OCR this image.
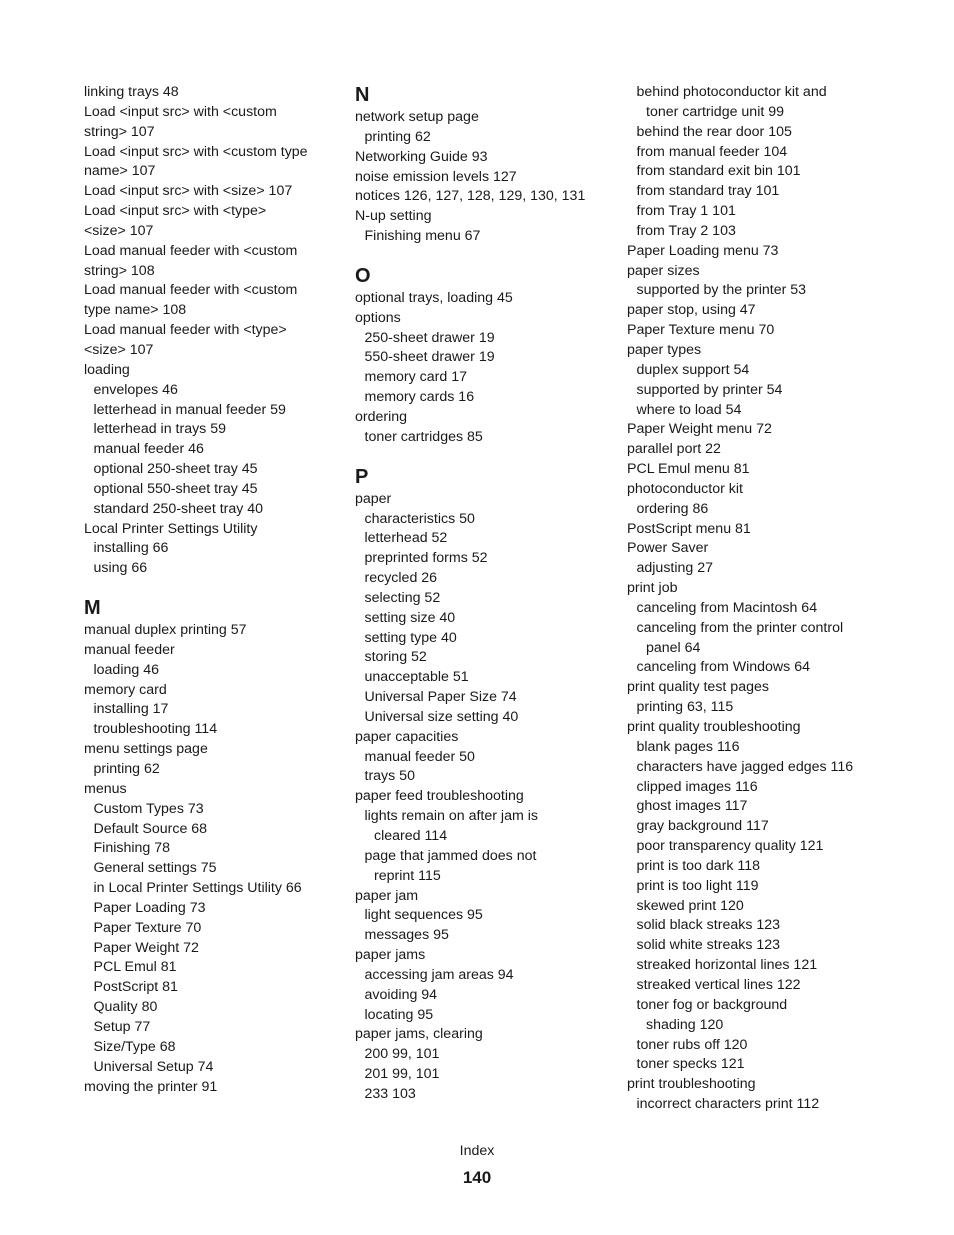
linking trays 48
Load <input src> with <custom
string> 107
Load <input src> with <custom type
name> 107
Load <input src> with <size> 107
Load <input src> with <type>
<size> 107
Load manual feeder with <custom
string> 108
Load manual feeder with <custom
type name> 108
Load manual feeder with <type>
<size> 107
loading
envelopes 46
letterhead in manual feeder 59
letterhead in trays 59
manual feeder 46
optional 250-sheet tray 45
optional 550-sheet tray 45
standard 250-sheet tray 40
Local Printer Settings Utility
installing 66
using 66
M
manual duplex printing 57
manual feeder
loading 46
memory card
installing 17
troubleshooting 114
menu settings page
printing 62
menus
Custom Types 73
Default Source 68
Finishing 78
General settings 75
in Local Printer Settings Utility 66
Paper Loading 73
Paper Texture 70
Paper Weight 72
PCL Emul 81
PostScript 81
Quality 80
Setup 77
Size/Type 68
Universal Setup 74
moving the printer 91
N
network setup page
printing 62
Networking Guide 93
noise emission levels 127
notices 126, 127, 128, 129, 130, 131
N-up setting
Finishing menu 67
O
optional trays, loading 45
options
250-sheet drawer 19
550-sheet drawer 19
memory card 17
memory cards 16
ordering
toner cartridges 85
P
paper
characteristics 50
letterhead 52
preprinted forms 52
recycled 26
selecting 52
setting size 40
setting type 40
storing 52
unacceptable 51
Universal Paper Size 74
Universal size setting 40
paper capacities
manual feeder 50
trays 50
paper feed troubleshooting
lights remain on after jam is
cleared 114
page that jammed does not
reprint 115
paper jam
light sequences 95
messages 95
paper jams
accessing jam areas 94
avoiding 94
locating 95
paper jams, clearing
200 99, 101
201 99, 101
233 103
behind photoconductor kit and
toner cartridge unit 99
behind the rear door 105
from manual feeder 104
from standard exit bin 101
from standard tray 101
from Tray 1 101
from Tray 2 103
Paper Loading menu 73
paper sizes
supported by the printer 53
paper stop, using 47
Paper Texture menu 70
paper types
duplex support 54
supported by printer 54
where to load 54
Paper Weight menu 72
parallel port 22
PCL Emul menu 81
photoconductor kit
ordering 86
PostScript menu 81
Power Saver
adjusting 27
print job
canceling from Macintosh 64
canceling from the printer control
panel 64
canceling from Windows 64
print quality test pages
printing 63, 115
print quality troubleshooting
blank pages 116
characters have jagged edges 116
clipped images 116
ghost images 117
gray background 117
poor transparency quality 121
print is too dark 118
print is too light 119
skewed print 120
solid black streaks 123
solid white streaks 123
streaked horizontal lines 121
streaked vertical lines 122
toner fog or background
shading 120
toner rubs off 120
toner specks 121
print troubleshooting
incorrect characters print 112
Index
140
